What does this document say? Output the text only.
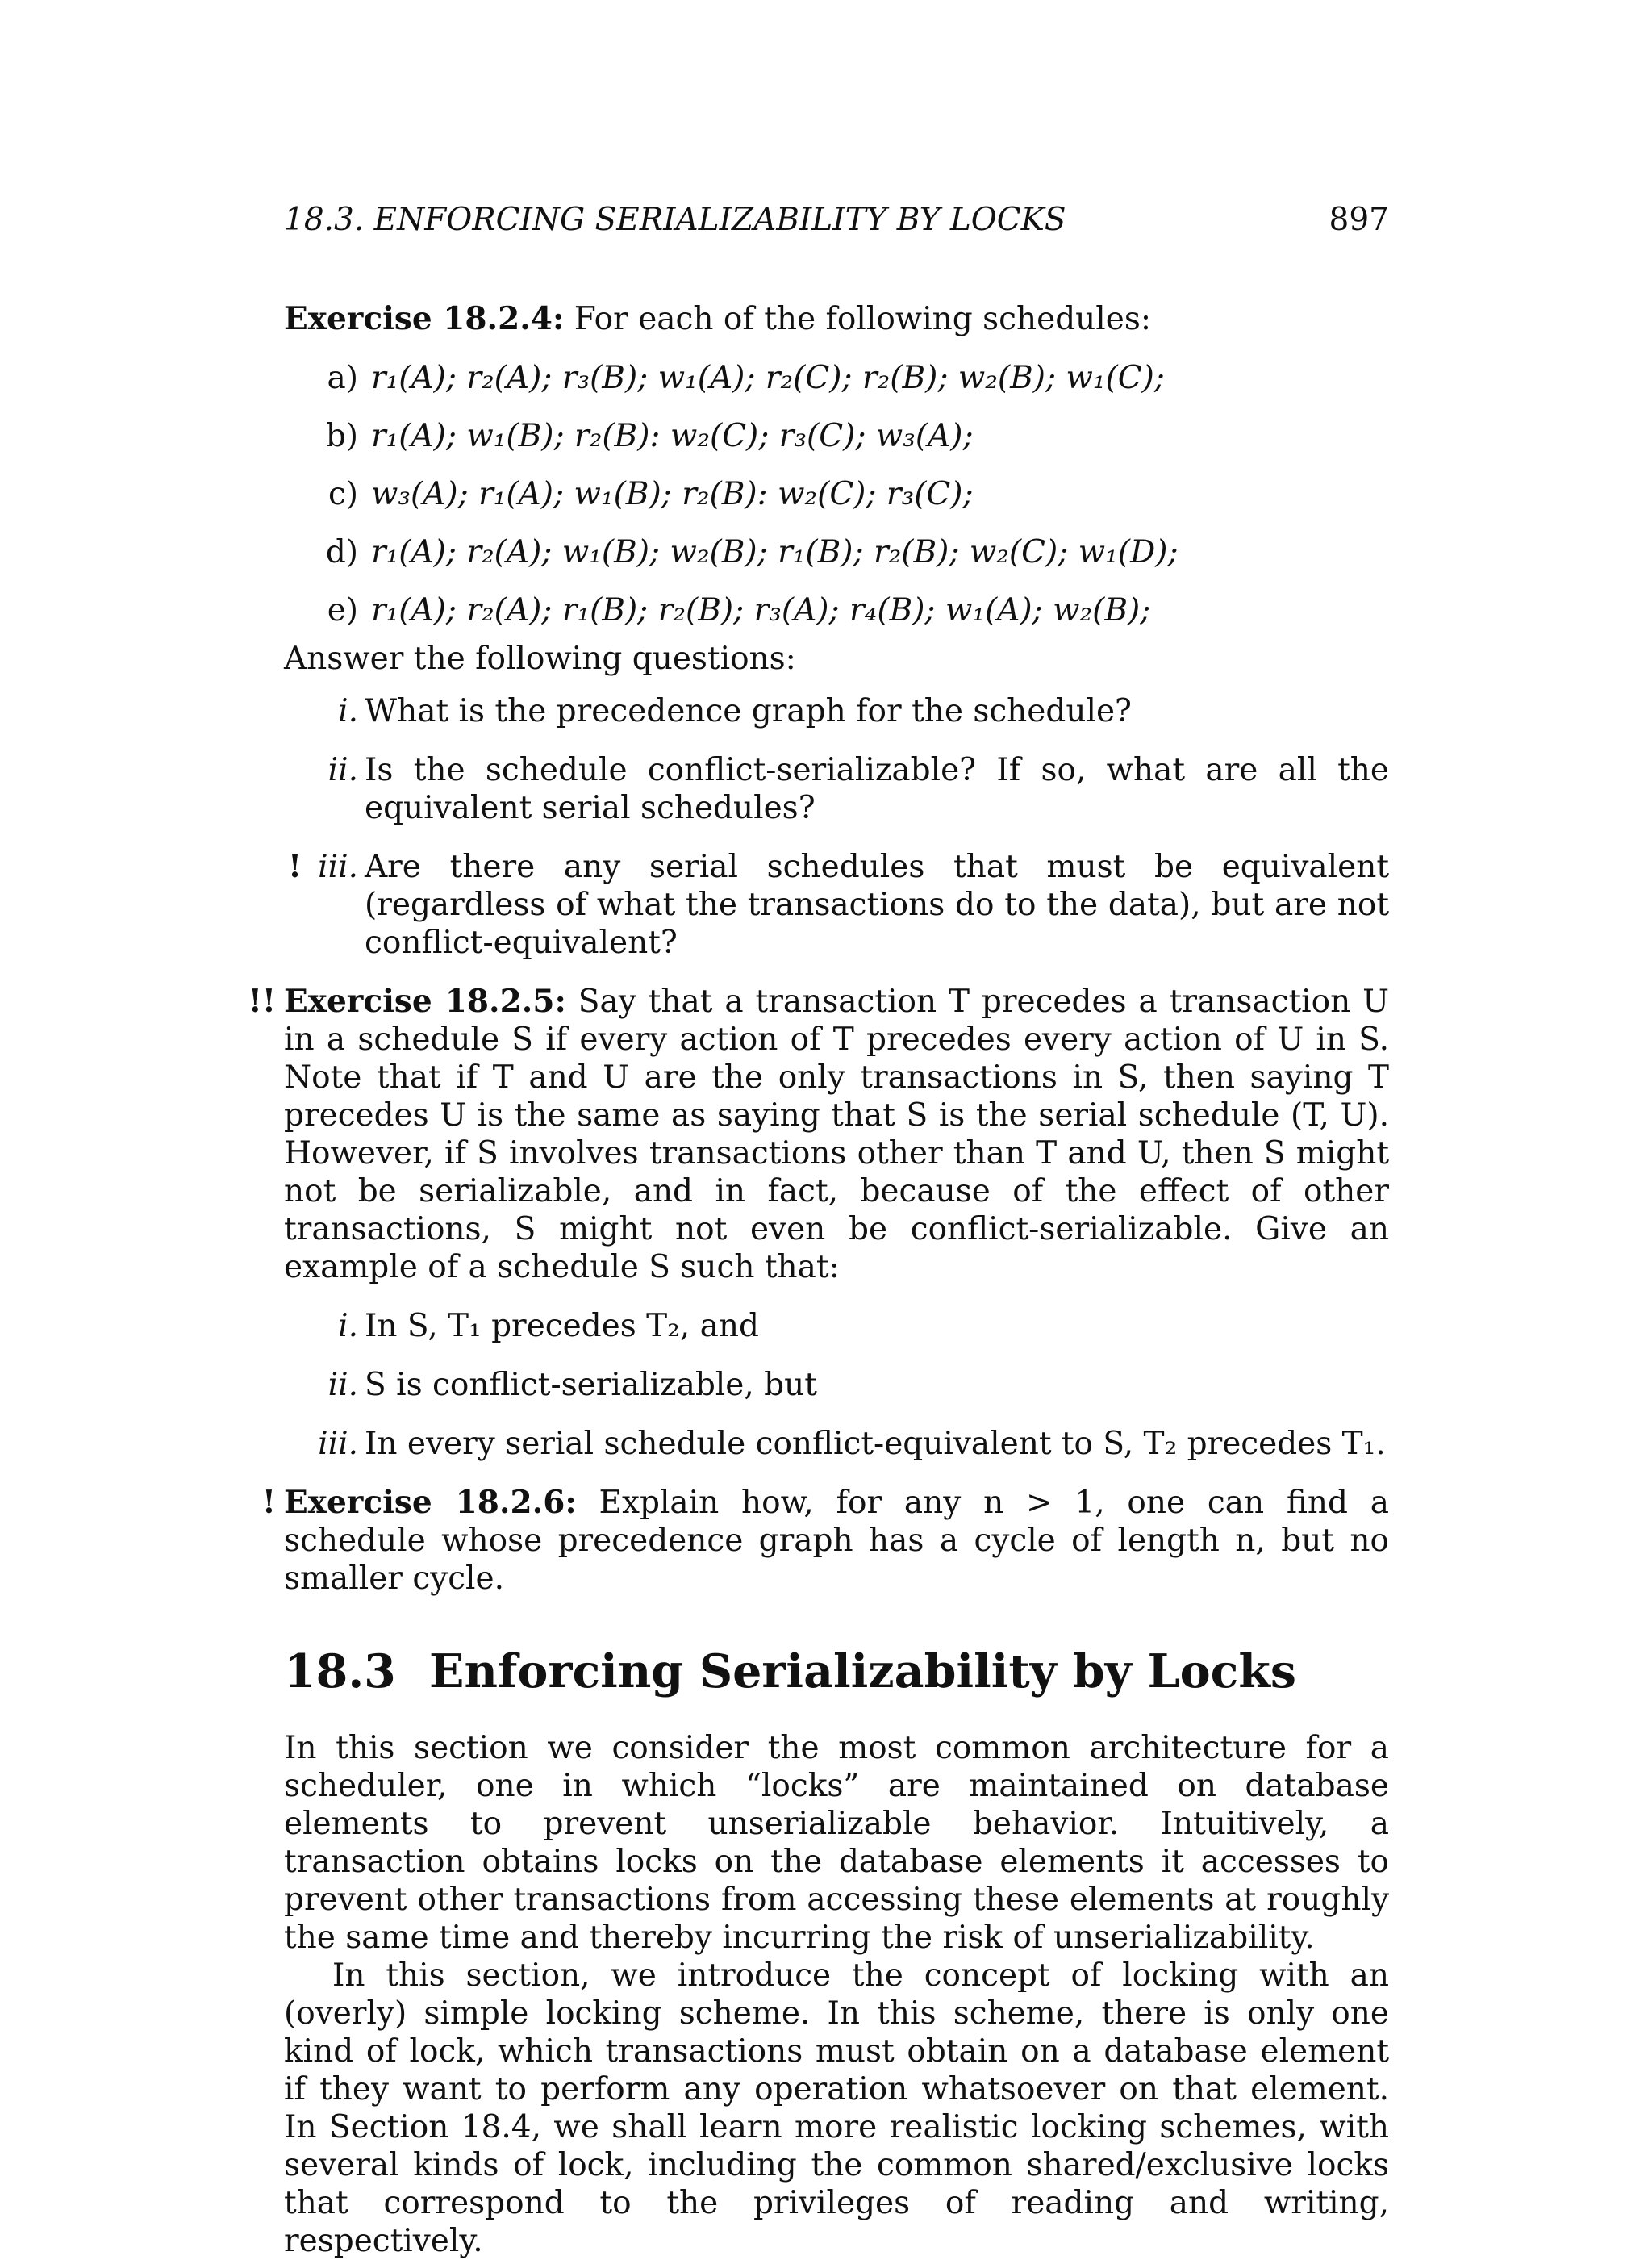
18.3. ENFORCING SERIALIZABILITY BY LOCKS	897

Exercise 18.2.4: For each of the following schedules:

a) r₁(A); r₂(A); r₃(B); w₁(A); r₂(C); r₂(B); w₂(B); w₁(C);
b) r₁(A); w₁(B); r₂(B): w₂(C); r₃(C); w₃(A);
c) w₃(A); r₁(A); w₁(B); r₂(B): w₂(C); r₃(C);
d) r₁(A); r₂(A); w₁(B); w₂(B); r₁(B); r₂(B); w₂(C); w₁(D);
e) r₁(A); r₂(A); r₁(B); r₂(B); r₃(A); r₄(B); w₁(A); w₂(B);

Answer the following questions:

i. What is the precedence graph for the schedule?
ii. Is the schedule conflict-serializable? If so, what are all the equivalent serial schedules?
! iii. Are there any serial schedules that must be equivalent (regardless of what the transactions do to the data), but are not conflict-equivalent?

!! Exercise 18.2.5: Say that a transaction T precedes a transaction U in a schedule S if every action of T precedes every action of U in S. Note that if T and U are the only transactions in S, then saying T precedes U is the same as saying that S is the serial schedule (T, U). However, if S involves transactions other than T and U, then S might not be serializable, and in fact, because of the effect of other transactions, S might not even be conflict-serializable. Give an example of a schedule S such that:

i. In S, T₁ precedes T₂, and
ii. S is conflict-serializable, but
iii. In every serial schedule conflict-equivalent to S, T₂ precedes T₁.

! Exercise 18.2.6: Explain how, for any n > 1, one can find a schedule whose precedence graph has a cycle of length n, but no smaller cycle.

18.3 Enforcing Serializability by Locks

In this section we consider the most common architecture for a scheduler, one in which “locks” are maintained on database elements to prevent unserializable behavior. Intuitively, a transaction obtains locks on the database elements it accesses to prevent other transactions from accessing these elements at roughly the same time and thereby incurring the risk of unserializability.

In this section, we introduce the concept of locking with an (overly) simple locking scheme. In this scheme, there is only one kind of lock, which transactions must obtain on a database element if they want to perform any operation whatsoever on that element. In Section 18.4, we shall learn more realistic locking schemes, with several kinds of lock, including the common shared/exclusive locks that correspond to the privileges of reading and writing, respectively.
